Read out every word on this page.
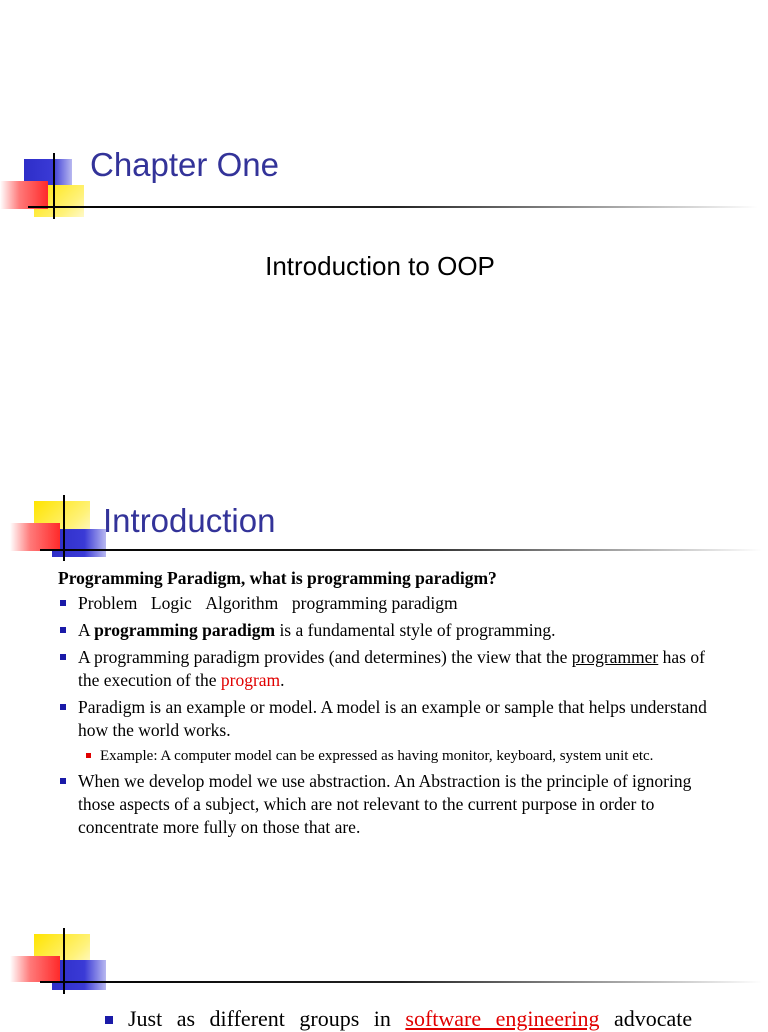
Chapter One
Introduction to OOP
Introduction
Programming Paradigm, what is programming paradigm?
Problem Logic Algorithm programming paradigm
A programming paradigm is a fundamental style of programming.
A programming paradigm provides (and determines) the view that the programmer has of the execution of the program.
Paradigm is an example or model. A model is an example or sample that helps understand how the world works.
Example: A computer model can be expressed as having monitor, keyboard, system unit etc.
When we develop model we use abstraction. An Abstraction is the principle of ignoring those aspects of a subject, which are not relevant to the current purpose in order to concentrate more fully on those that are.
Just as different groups in software engineering advocate
